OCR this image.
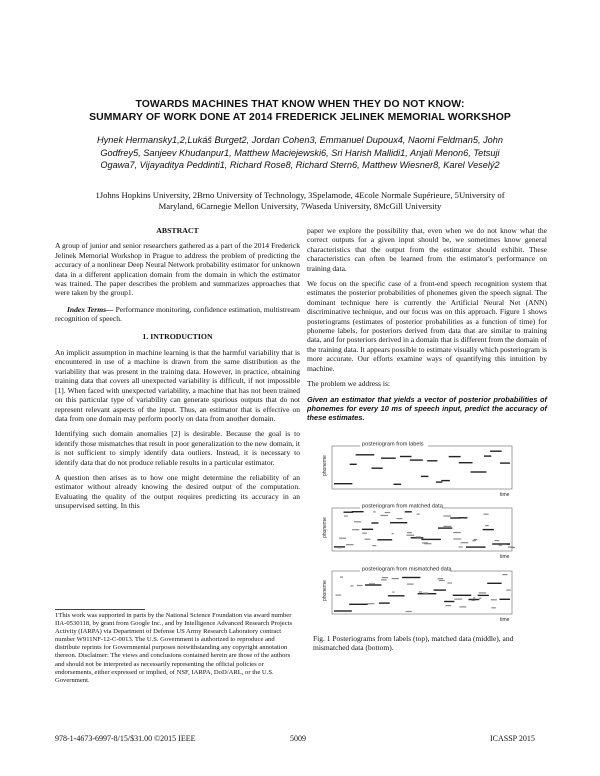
TOWARDS MACHINES THAT KNOW WHEN THEY DO NOT KNOW:
SUMMARY OF WORK DONE AT 2014 FREDERICK JELINEK MEMORIAL WORKSHOP
Hynek Hermansky1,2,Lukáš Burget2, Jordan Cohen3, Emmanuel Dupoux4, Naomi Feldman5, John
Godfrey5, Sanjeev Khudanpur1, Matthew Maciejewski6, Sri Harish Mallidi1, Anjali Menon6, Tetsuji
Ogawa7, Vijayaditya Peddinti1, Richard Rose8, Richard Stern6, Matthew Wiesner8, Karel Veselý2
1Johns Hopkins University, 2Brno University of Technology, 3Spelamode, 4Ecole Normale Supérieure, 5University of
Maryland, 6Carnegie Mellon University, 7Waseda University, 8McGill University

ABSTRACT

A group of junior and senior researchers gathered as a part of the 2014 Frederick Jelinek Memorial Workshop in Prague to address the problem of predicting the accuracy of a nonlinear Deep Neural Network probability estimator for unknown data in a different application domain from the domain in which the estimator was trained. The paper describes the problem and summarizes approaches that were taken by the group1.

Index Terms— Performance monitoring, confidence estimation, multistream recognition of speech.

1. INTRODUCTION

An implicit assumption in machine learning is that the harmful variability that is encountered in use of a machine is drawn from the same distribution as the variability that was present in the training data. However, in practice, obtaining training data that covers all unexpected variability is difficult, if not impossible [1]. When faced with unexpected variability, a machine that has not been trained on this particular type of variability can generate spurious outputs that do not represent relevant aspects of the input. Thus, an estimator that is effective on data from one domain may perform poorly on data from another domain.

Identifying such domain anomalies [2] is desirable. Because the goal is to identify those mismatches that result in poor generalization to the new domain, it is not sufficient to simply identify data outliers. Instead, it is necessary to identify data that do not produce reliable results in a particular estimator.

A question then arises as to how one might determine the reliability of an estimator without already knowing the desired output of the computation. Evaluating the quality of the output requires predicting its accuracy in an unsupervised setting. In this

1This work was supported in parts by the National Science Foundation via award number IIA-0530118, by grant from Google Inc., and by Intelligence Advanced Research Projects Activity (IARPA) via Department of Defense US Army Research Laboratory contract number W911NF-12-C-0013. The U.S. Government is authorized to reproduce and distribute reprints for Governmental purposes notwithstanding any copyright annotation thereon. Disclaimer: The views and conclusions contained herein are those of the authors and should not be interpreted as necessarily representing the official policies or endorsements, either expressed or implied, of NSF, IARPA, DoD/ARL, or the U.S. Government.

paper we explore the possibility that, even when we do not know what the correct outputs for a given input should be, we sometimes know general characteristics that the output from the estimator should exhibit. These characteristics can often be learned from the estimator's performance on training data.

We focus on the specific case of a front-end speech recognition system that estimates the posterior probabilities of phonemes given the speech signal. The dominant technique here is currently the Artificial Neural Net (ANN) discriminative technique, and our focus was on this approach. Figure 1 shows posteriograms (estimates of posterior probabilities as a function of time) for phoneme labels, for posteriors derived from data that are similar to training data, and for posteriors derived in a domain that is different from the domain of the training data. It appears possible to estimate visually which posteriogram is more accurate. Our efforts examine ways of quantifying this intuition by machine.

The problem we address is:

Given an estimator that yields a vector of posterior probabilities of phonemes for every 10 ms of speech input, predict the accuracy of these estimates.

posteriogram from labels
phoneme
time
posteriogram from matched data
phoneme
time
posteriogram from mismatched data
phoneme
time
Fig. 1 Posteriograms from labels (top), matched data (middle), and mismatched data (bottom).
978-1-4673-6997-8/15/$31.00 ©2015 IEEE	5009	ICASSP 2015
